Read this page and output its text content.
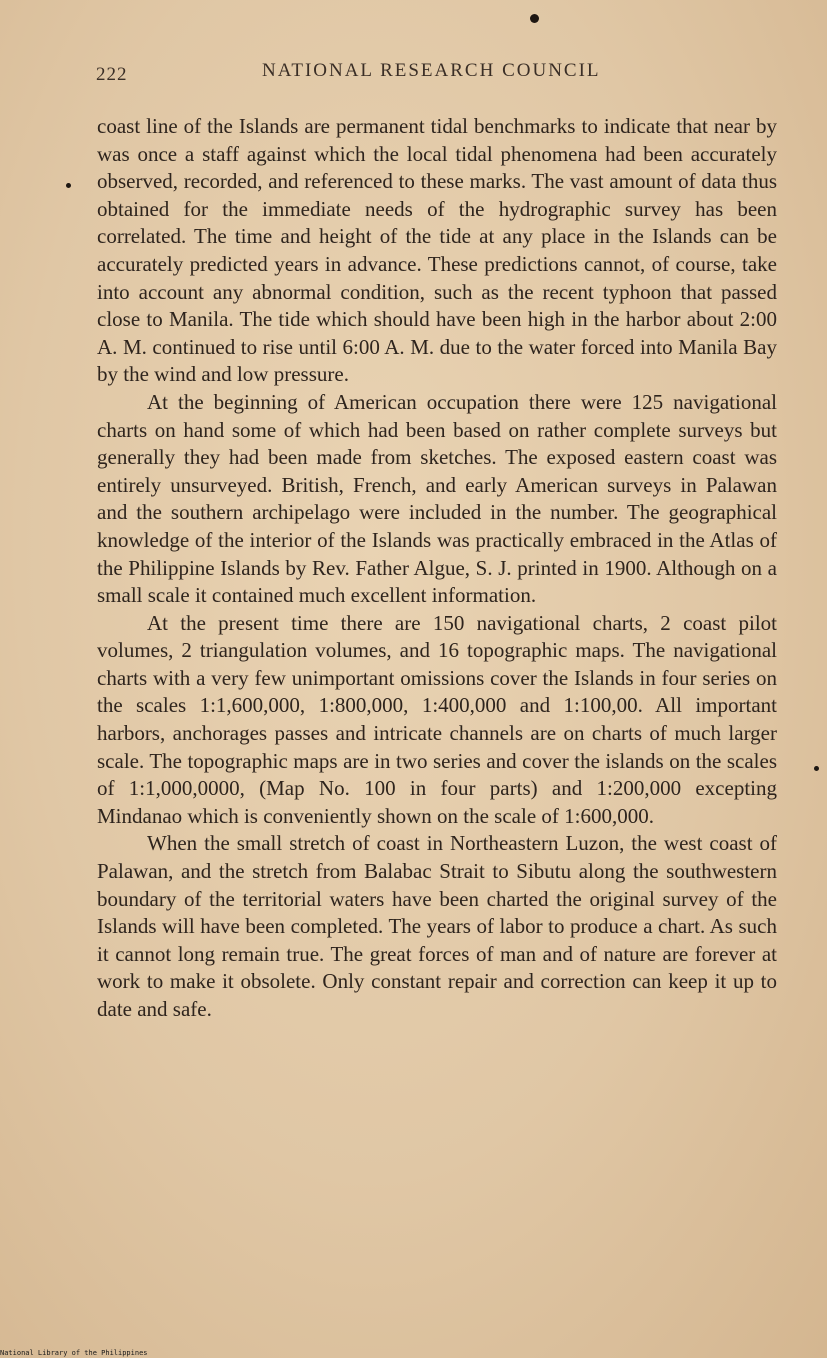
222	NATIONAL RESEARCH COUNCIL

coast line of the Islands are permanent tidal benchmarks to indicate that near by was once a staff against which the local tidal phenomena had been accurately observed, recorded, and referenced to these marks. The vast amount of data thus obtained for the immediate needs of the hydrographic survey has been correlated. The time and height of the tide at any place in the Islands can be accurately predicted years in advance. These predictions cannot, of course, take into account any abnormal condition, such as the recent typhoon that passed close to Manila. The tide which should have been high in the harbor about 2:00 A. M. continued to rise until 6:00 A. M. due to the water forced into Manila Bay by the wind and low pressure.

At the beginning of American occupation there were 125 navigational charts on hand some of which had been based on rather complete surveys but generally they had been made from sketches. The exposed eastern coast was entirely unsurveyed. British, French, and early American surveys in Palawan and the southern archipelago were included in the number. The geographical knowledge of the interior of the Islands was practically embraced in the Atlas of the Philippine Islands by Rev. Father Algue, S. J. printed in 1900. Although on a small scale it contained much excellent information.

At the present time there are 150 navigational charts, 2 coast pilot volumes, 2 triangulation volumes, and 16 topographic maps. The navigational charts with a very few unimportant omissions cover the Islands in four series on the scales 1:1,600,000, 1:800,000, 1:400,000 and 1:100,00. All important harbors, anchorages passes and intricate channels are on charts of much larger scale. The topographic maps are in two series and cover the islands on the scales of 1:1,000,0000, (Map No. 100 in four parts) and 1:200,000 excepting Mindanao which is conveniently shown on the scale of 1:600,000.

When the small stretch of coast in Northeastern Luzon, the west coast of Palawan, and the stretch from Balabac Strait to Sibutu along the southwestern boundary of the territorial waters have been charted the original survey of the Islands will have been completed. The years of labor to produce a chart. As such it cannot long remain true. The great forces of man and of nature are forever at work to make it obsolete. Only constant repair and correction can keep it up to date and safe.

National Library of the Philippines
